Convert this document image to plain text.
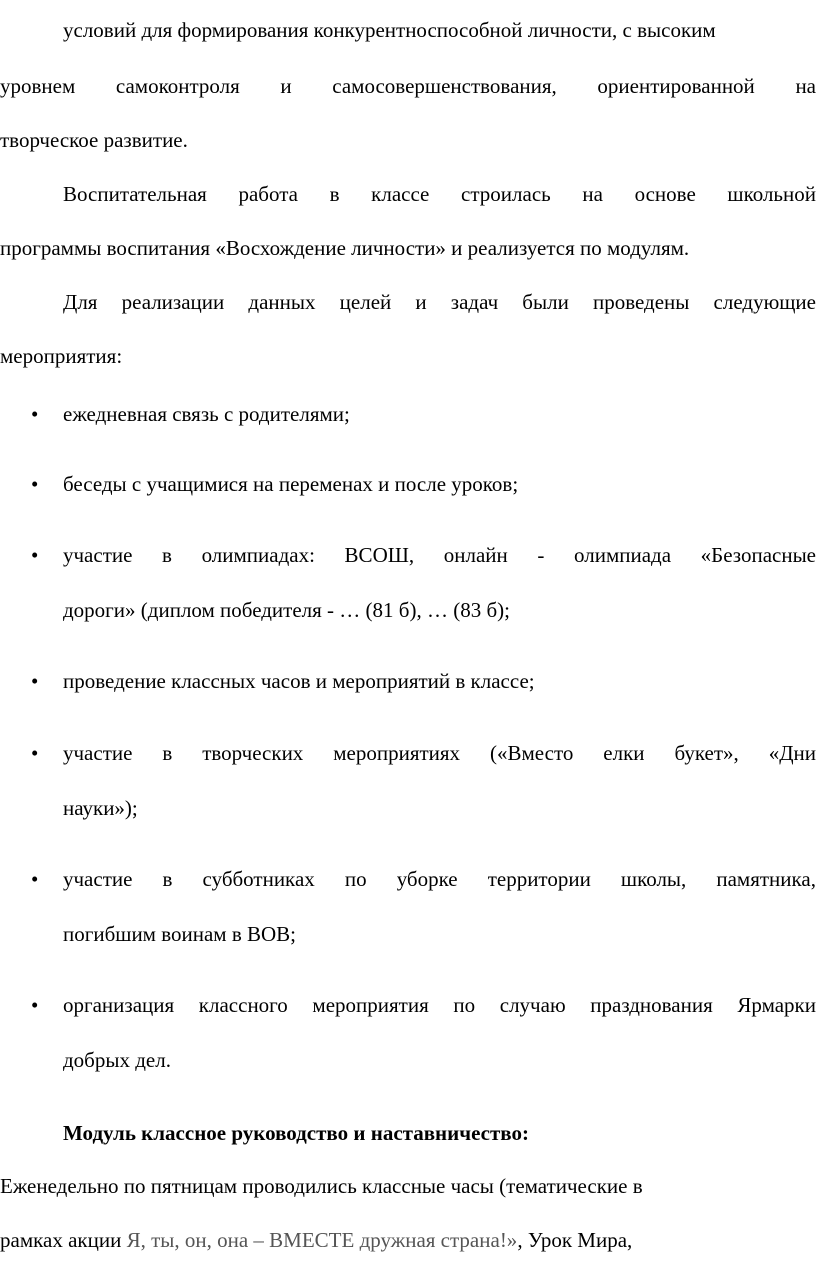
условий для формирования конкурентноспособной личности, с высоким
уровнем самоконтроля и самосовершенствования, ориентированной на
творческое развитие.
Воспитательная работа в классе строилась на основе школьной
программы воспитания «Восхождение личности» и реализуется по модулям.
Для реализации данных целей и задач были проведены следующие
мероприятия:
• ежедневная связь с родителями;
• беседы с учащимися на переменах и после уроков;
• участие в олимпиадах: ВСОШ, онлайн - олимпиада «Безопасные
дороги» (диплом победителя - … (81 б), … (83 б);
• проведение классных часов и мероприятий в классе;
• участие в творческих мероприятиях («Вместо елки букет», «Дни
науки»);
• участие в субботниках по уборке территории школы, памятника,
погибшим воинам в ВОВ;
• организация классного мероприятия по случаю празднования Ярмарки
добрых дел.
Модуль классное руководство и наставничество:
Еженедельно по пятницам проводились классные часы (тематические в
рамках акции Я, ты, он, она – ВМЕСТЕ дружная страна!», Урок Мира,
